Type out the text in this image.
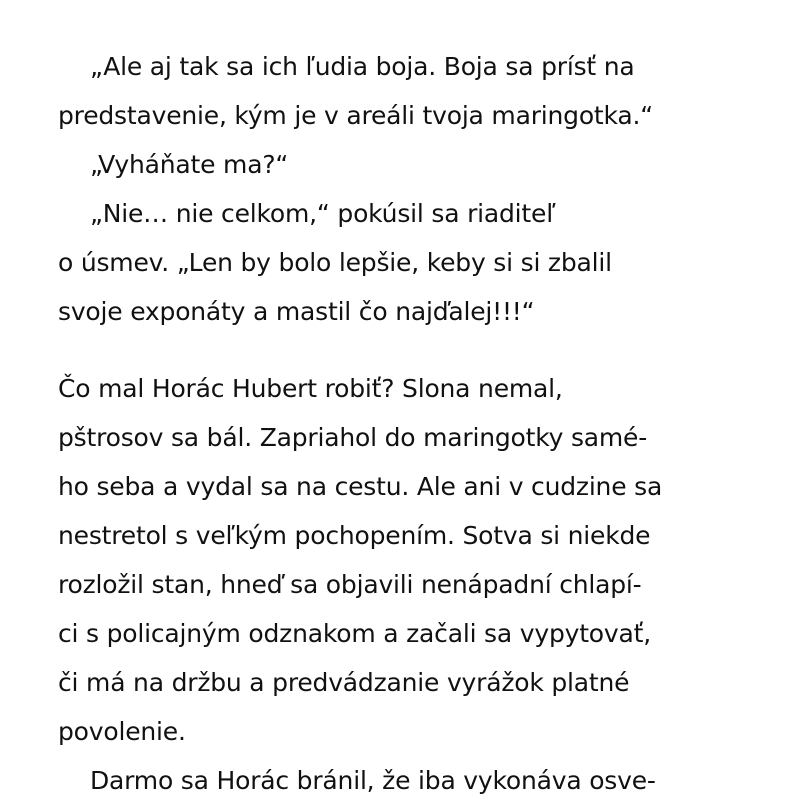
„Ale aj tak sa ich ľudia boja. Boja sa prísť na

predstavenie, kým je v areáli tvoja maringotka.“

„Vyháňate ma?“

„Nie… nie celkom,“ pokúsil sa riaditeľ

o úsmev. „Len by bolo lepšie, keby si si zbalil

svoje exponáty a mastil čo najďalej!!!“

Čo mal Horác Hubert robiť? Slona nemal,

pštrosov sa bál. Zapriahol do maringotky samé-

ho seba a vydal sa na cestu. Ale ani v cudzine sa

nestretol s veľkým pochopením. Sotva si niekde

rozložil stan, hneď sa objavili nenápadní chlapí-

ci s policajným odznakom a začali sa vypytovať,

či má na držbu a predvádzanie vyrážok platné

povolenie.

Darmo sa Horác bránil, že iba vykonáva osve-
